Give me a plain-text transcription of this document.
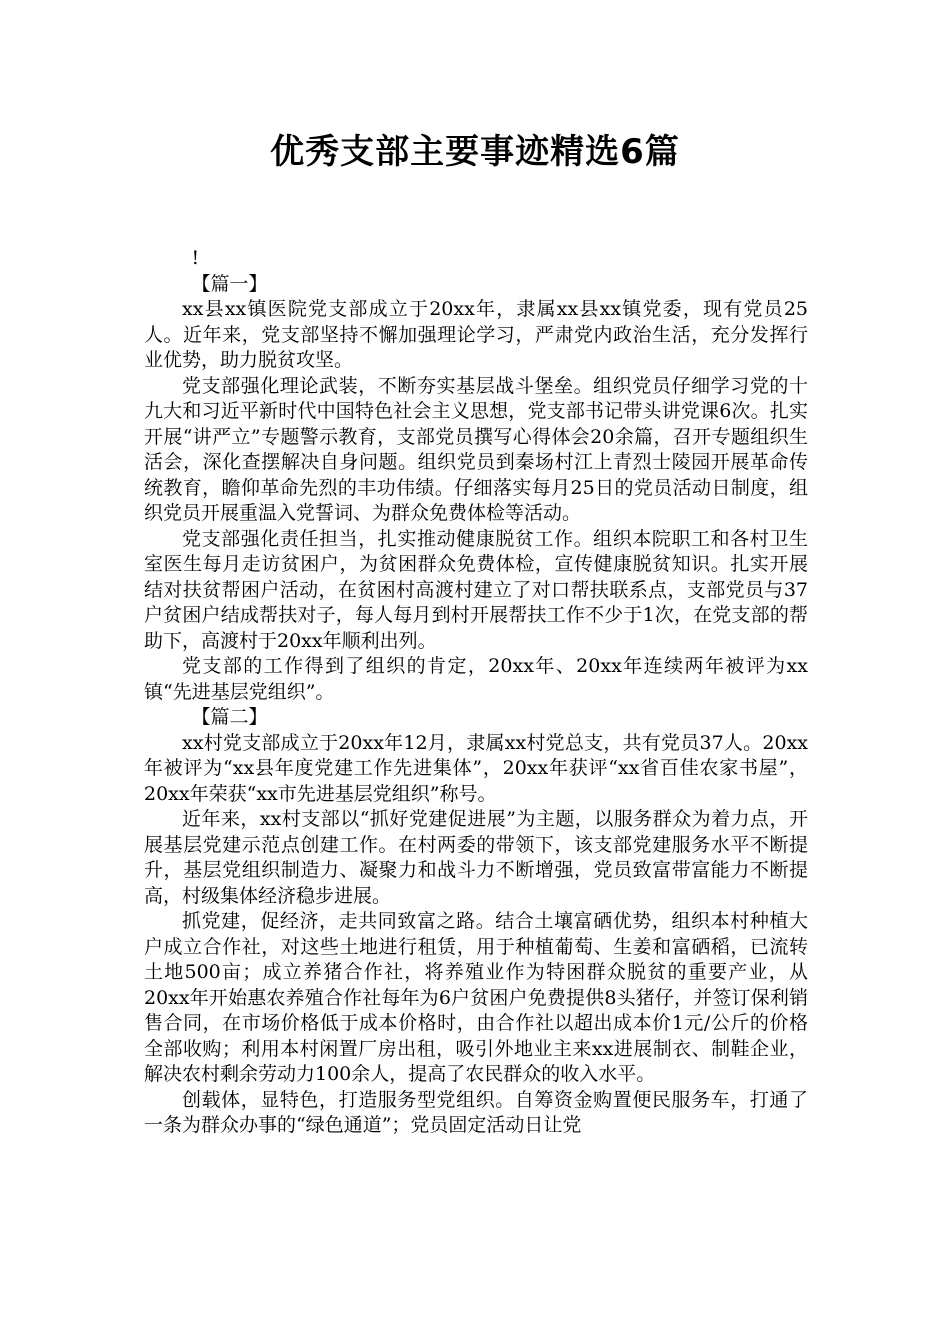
优秀支部主要事迹精选6篇

!

【篇一】

xx县xx镇医院党支部成立于20xx年，隶属xx县xx镇党委，现有党员25人。近年来，党支部坚持不懈加强理论学习，严肃党内政治生活，充分发挥行业优势，助力脱贫攻坚。

党支部强化理论武装，不断夯实基层战斗堡垒。组织党员仔细学习党的十九大和习近平新时代中国特色社会主义思想，党支部书记带头讲党课6次。扎实开展“讲严立”专题警示教育，支部党员撰写心得体会20余篇，召开专题组织生活会，深化查摆解决自身问题。组织党员到秦场村江上青烈士陵园开展革命传统教育，瞻仰革命先烈的丰功伟绩。仔细落实每月25日的党员活动日制度，组织党员开展重温入党誓词、为群众免费体检等活动。

党支部强化责任担当，扎实推动健康脱贫工作。组织本院职工和各村卫生室医生每月走访贫困户，为贫困群众免费体检，宣传健康脱贫知识。扎实开展结对扶贫帮困户活动，在贫困村高渡村建立了对口帮扶联系点，支部党员与37户贫困户结成帮扶对子，每人每月到村开展帮扶工作不少于1次，在党支部的帮助下，高渡村于20xx年顺利出列。

党支部的工作得到了组织的肯定，20xx年、20xx年连续两年被评为xx镇“先进基层党组织”。

【篇二】

xx村党支部成立于20xx年12月，隶属xx村党总支，共有党员37人。20xx年被评为“xx县年度党建工作先进集体”，20xx年获评“xx省百佳农家书屋”，20xx年荣获“xx市先进基层党组织”称号。

近年来，xx村支部以“抓好党建促进展”为主题，以服务群众为着力点，开展基层党建示范点创建工作。在村两委的带领下，该支部党建服务水平不断提升，基层党组织制造力、凝聚力和战斗力不断增强，党员致富带富能力不断提高，村级集体经济稳步进展。

抓党建，促经济，走共同致富之路。结合土壤富硒优势，组织本村种植大户成立合作社，对这些土地进行租赁，用于种植葡萄、生姜和富硒稻，已流转土地500亩；成立养猪合作社，将养殖业作为特困群众脱贫的重要产业，从20xx年开始惠农养殖合作社每年为6户贫困户免费提供8头猪仔，并签订保利销售合同，在市场价格低于成本价格时，由合作社以超出成本价1元/公斤的价格全部收购；利用本村闲置厂房出租，吸引外地业主来xx进展制衣、制鞋企业，解决农村剩余劳动力100余人，提高了农民群众的收入水平。

创载体，显特色，打造服务型党组织。自筹资金购置便民服务车，打通了一条为群众办事的“绿色通道”；党员固定活动日让党
